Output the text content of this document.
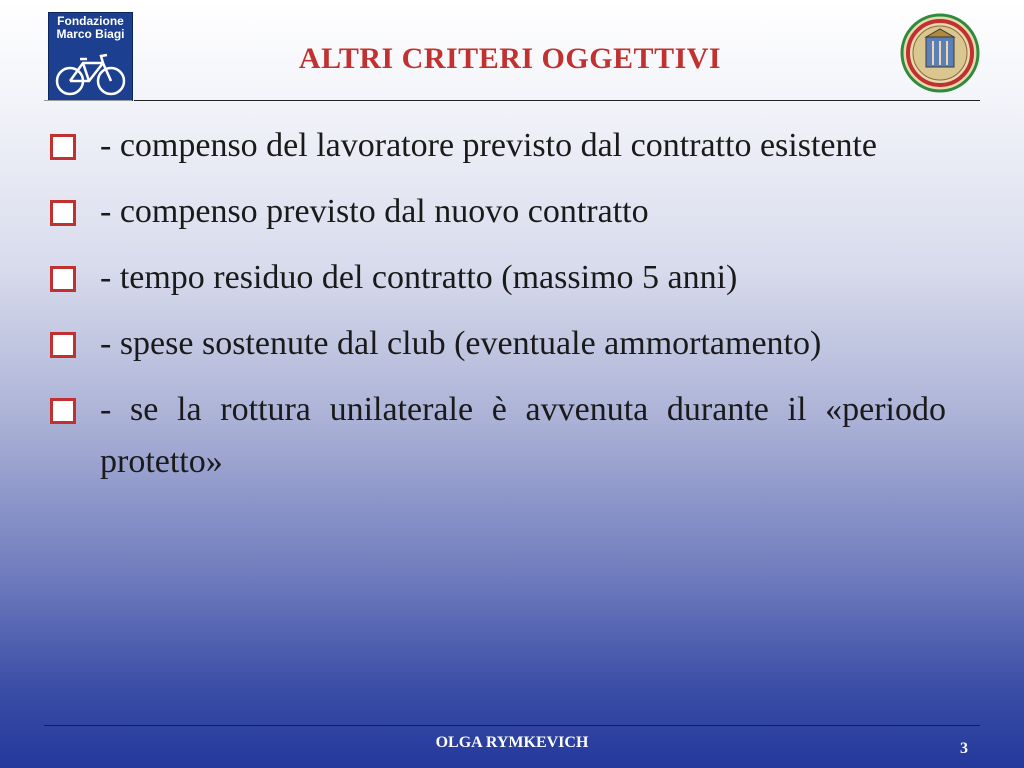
Fondazione
Marco Biagi
ALTRI CRITERI OGGETTIVI
- compenso del lavoratore previsto dal contratto esistente
- compenso previsto dal nuovo contratto
- tempo residuo del contratto (massimo 5 anni)
- spese sostenute dal club (eventuale ammortamento)
- se la rottura unilaterale è avvenuta durante il «periodo protetto»
OLGA RYMKEVICH	3
